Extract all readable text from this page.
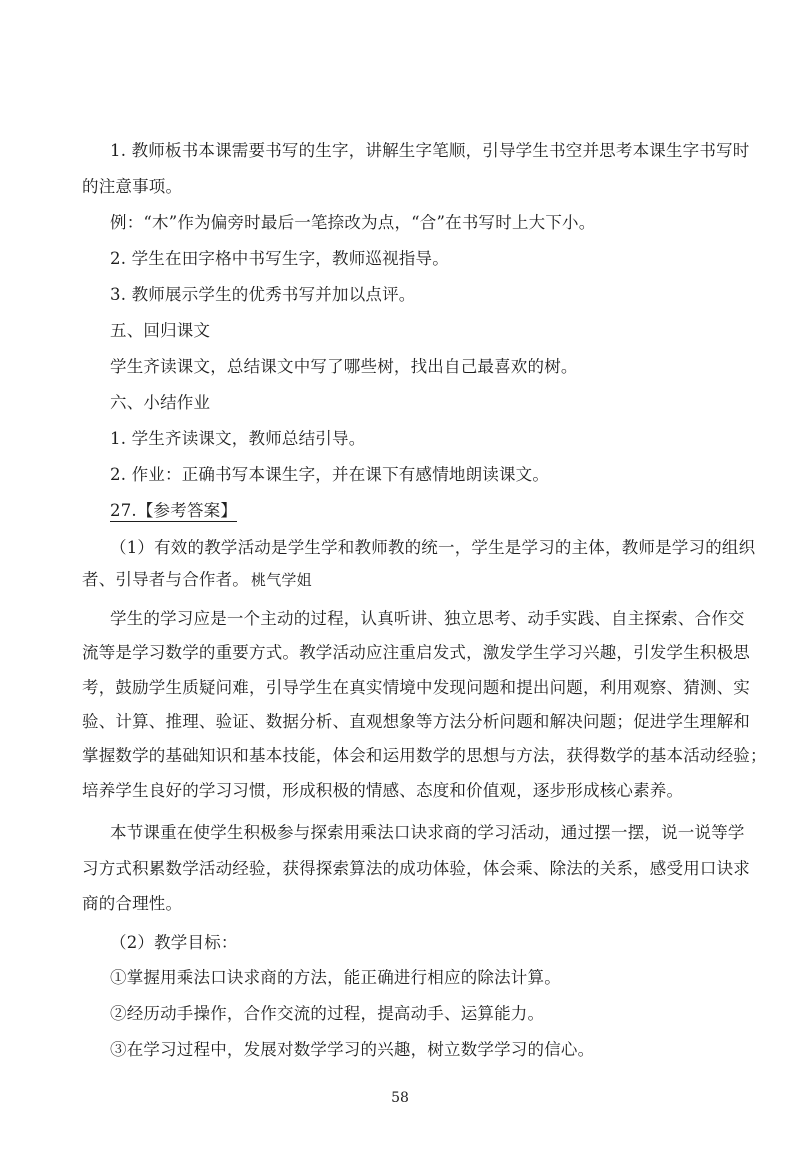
1. 教师板书本课需要书写的生字，讲解生字笔顺，引导学生书空并思考本课生字书写时
的注意事项。
例：“木”作为偏旁时最后一笔捺改为点，“合”在书写时上大下小。
2. 学生在田字格中书写生字，教师巡视指导。
3. 教师展示学生的优秀书写并加以点评。
五、回归课文
学生齐读课文，总结课文中写了哪些树，找出自己最喜欢的树。
六、小结作业
1. 学生齐读课文，教师总结引导。
2. 作业：正确书写本课生字，并在课下有感情地朗读课文。
27.【参考答案】
（1）有效的教学活动是学生学和教师教的统一，学生是学习的主体，教师是学习的组织
者、引导者与合作者。 桃气学姐
学生的学习应是一个主动的过程，认真听讲、独立思考、动手实践、自主探索、合作交
流等是学习数学的重要方式。教学活动应注重启发式，激发学生学习兴趣，引发学生积极思
考，鼓励学生质疑问难，引导学生在真实情境中发现问题和提出问题，利用观察、猜测、实
验、计算、推理、验证、数据分析、直观想象等方法分析问题和解决问题；促进学生理解和
掌握数学的基础知识和基本技能，体会和运用数学的思想与方法，获得数学的基本活动经验；
培养学生良好的学习习惯，形成积极的情感、态度和价值观，逐步形成核心素养。
本节课重在使学生积极参与探索用乘法口诀求商的学习活动，通过摆一摆，说一说等学
习方式积累数学活动经验，获得探索算法的成功体验，体会乘、除法的关系，感受用口诀求
商的合理性。
（2）教学目标：
①掌握用乘法口诀求商的方法，能正确进行相应的除法计算。
②经历动手操作，合作交流的过程，提高动手、运算能力。
③在学习过程中，发展对数学学习的兴趣，树立数学学习的信心。
58
